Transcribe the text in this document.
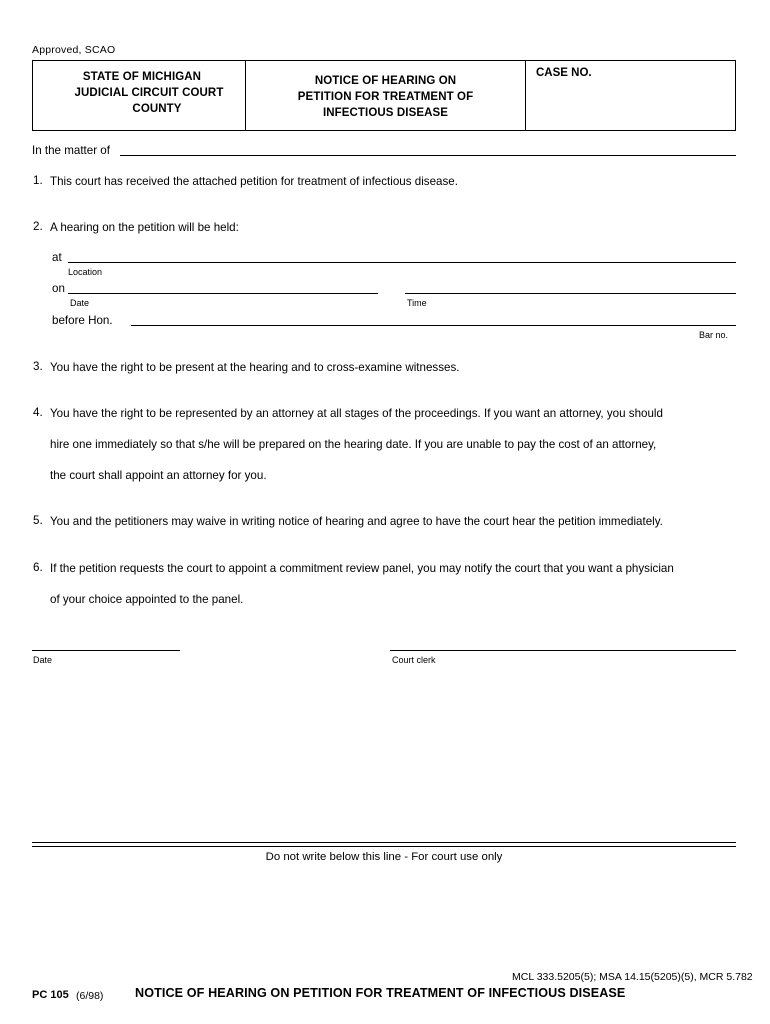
Approved, SCAO
STATE OF MICHIGAN
JUDICIAL CIRCUIT COURT
COUNTY
NOTICE OF HEARING ON
PETITION FOR TREATMENT OF
INFECTIOUS DISEASE
CASE NO.
In the matter of
1. This court has received the attached petition for treatment of infectious disease.
2. A hearing on the petition will be held:
at
Location
on
Date	Time
before Hon.
Bar no.
3. You have the right to be present at the hearing and to cross-examine witnesses.
4. You have the right to be represented by an attorney at all stages of the proceedings. If you want an attorney, you should
hire one immediately so that s/he will be prepared on the hearing date. If you are unable to pay the cost of an attorney,
the court shall appoint an attorney for you.
5. You and the petitioners may waive in writing notice of hearing and agree to have the court hear the petition immediately.
6. If the petition requests the court to appoint a commitment review panel, you may notify the court that you want a physician
of your choice appointed to the panel.
Date	Court clerk
Do not write below this line - For court use only
MCL 333.5205(5); MSA 14.15(5205)(5), MCR 5.782
PC 105 (6/98)	NOTICE OF HEARING ON PETITION FOR TREATMENT OF INFECTIOUS DISEASE
